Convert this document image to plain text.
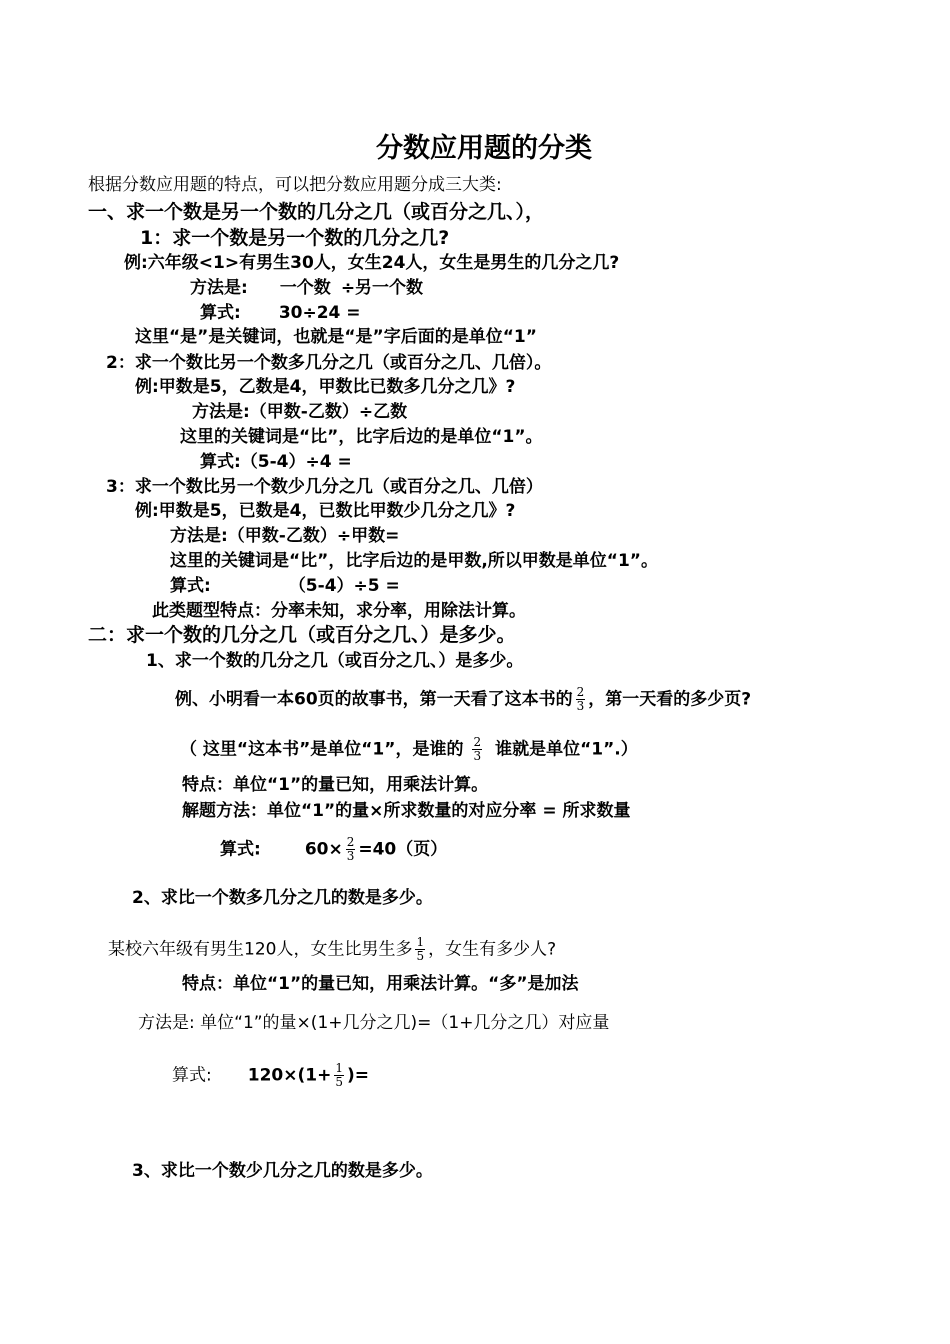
分数应用题的分类
根据分数应用题的特点，可以把分数应用题分成三大类:
一、求一个数是另一个数的几分之几（或百分之几、），
1：求一个数是另一个数的几分之几?
例:六年级<1>有男生30人，女生24人，女生是男生的几分之几?
方法是: 一个数 ÷另一个数
算式: 30÷24 =
这里“是”是关键词，也就是“是”字后面的是单位“1”
2：求一个数比另一个数多几分之几（或百分之几、几倍）。
例:甲数是5，乙数是4，甲数比已数多几分之几》?
方法是:（甲数-乙数）÷乙数
这里的关键词是“比”，比字后边的是单位“1”。
算式:（5-4）÷4 =
3：求一个数比另一个数少几分之几（或百分之几、几倍）
例:甲数是5，已数是4，已数比甲数少几分之几》?
方法是:（甲数-乙数）÷甲数=
这里的关键词是“比”，比字后边的是甲数,所以甲数是单位“1”。
算式:	（5-4）÷5 =
此类题型特点：分率未知，求分率，用除法计算。
二：求一个数的几分之几（或百分之几、）是多少。
1、求一个数的几分之几（或百分之几、）是多少。
例、小明看一本60页的故事书，第一天看了这本书的 $\frac{2}{3}$ ，第一天看的多少页?
（ 这里“这本书”是单位“1”，是谁的 $\frac{2}{3}$ 谁就是单位“1”.）
特点：单位“1”的量已知，用乘法计算。
解题方法：单位“1”的量×所求数量的对应分率 = 所求数量
算式:	$60\times \frac{2}{3} =40$（页）
2、求比一个数多几分之几的数是多少。
某校六年级有男生120人，女生比男生多 $\frac{1}{5}$ ，女生有多少人?
特点：单位“1”的量已知，用乘法计算。“多”是加法
方法是: 单位“1”的量×(1+几分之几)=（1+几分之几）对应量
算式: $120\times(1+ \frac{1}{5}$ )=
3、求比一个数少几分之几的数是多少。
